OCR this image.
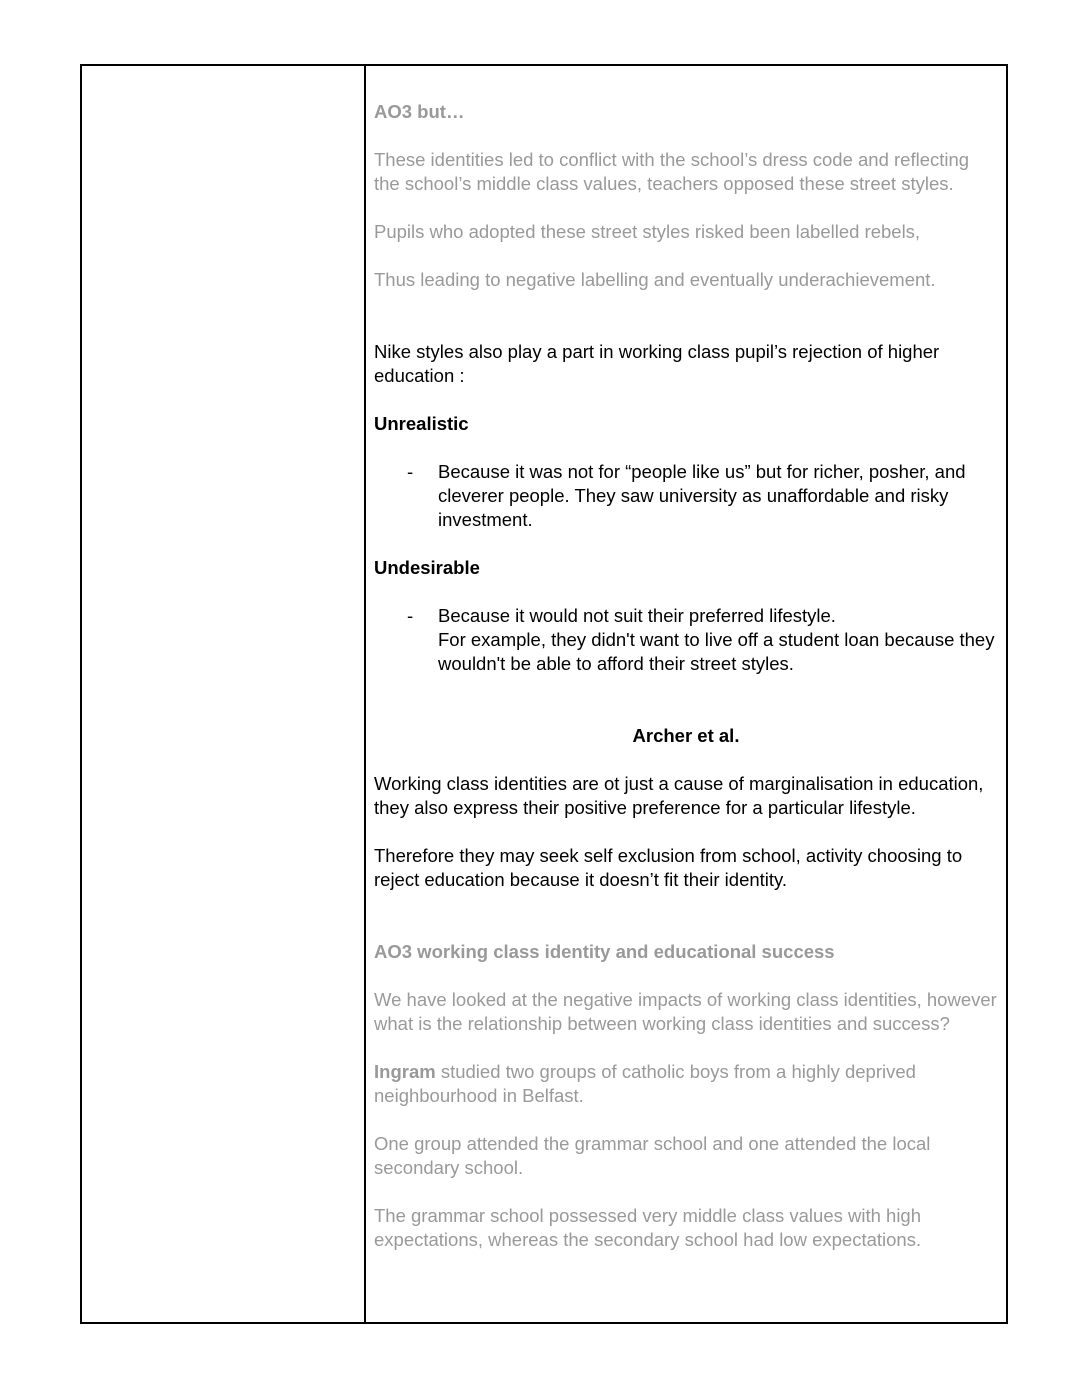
AO3 but…

These identities led to conflict with the school’s dress code and reflecting the school’s middle class values, teachers opposed these street styles.

Pupils who adopted these street styles risked been labelled rebels,

Thus leading to negative labelling and eventually underachievement.

Nike styles also play a part in working class pupil’s rejection of higher education :

Unrealistic

-	Because it was not for “people like us” but for richer, posher, and cleverer people. They saw university as unaffordable and risky investment.

Undesirable

-	Because it would not suit their preferred lifestyle.
For example, they didn't want to live off a student loan because they wouldn't be able to afford their street styles.

Archer et al.

Working class identities are ot just a cause of marginalisation in education, they also express their positive preference for a particular lifestyle.

Therefore they may seek self exclusion from school, activity choosing to reject education because it doesn’t fit their identity.

AO3 working class identity and educational success

We have looked at the negative impacts of working class identities, however what is the relationship between working class identities and success?

Ingram studied two groups of catholic boys from a highly deprived neighbourhood in Belfast.

One group attended the grammar school and one attended the local secondary school.

The grammar school possessed very middle class values with high expectations, whereas the secondary school had low expectations.
